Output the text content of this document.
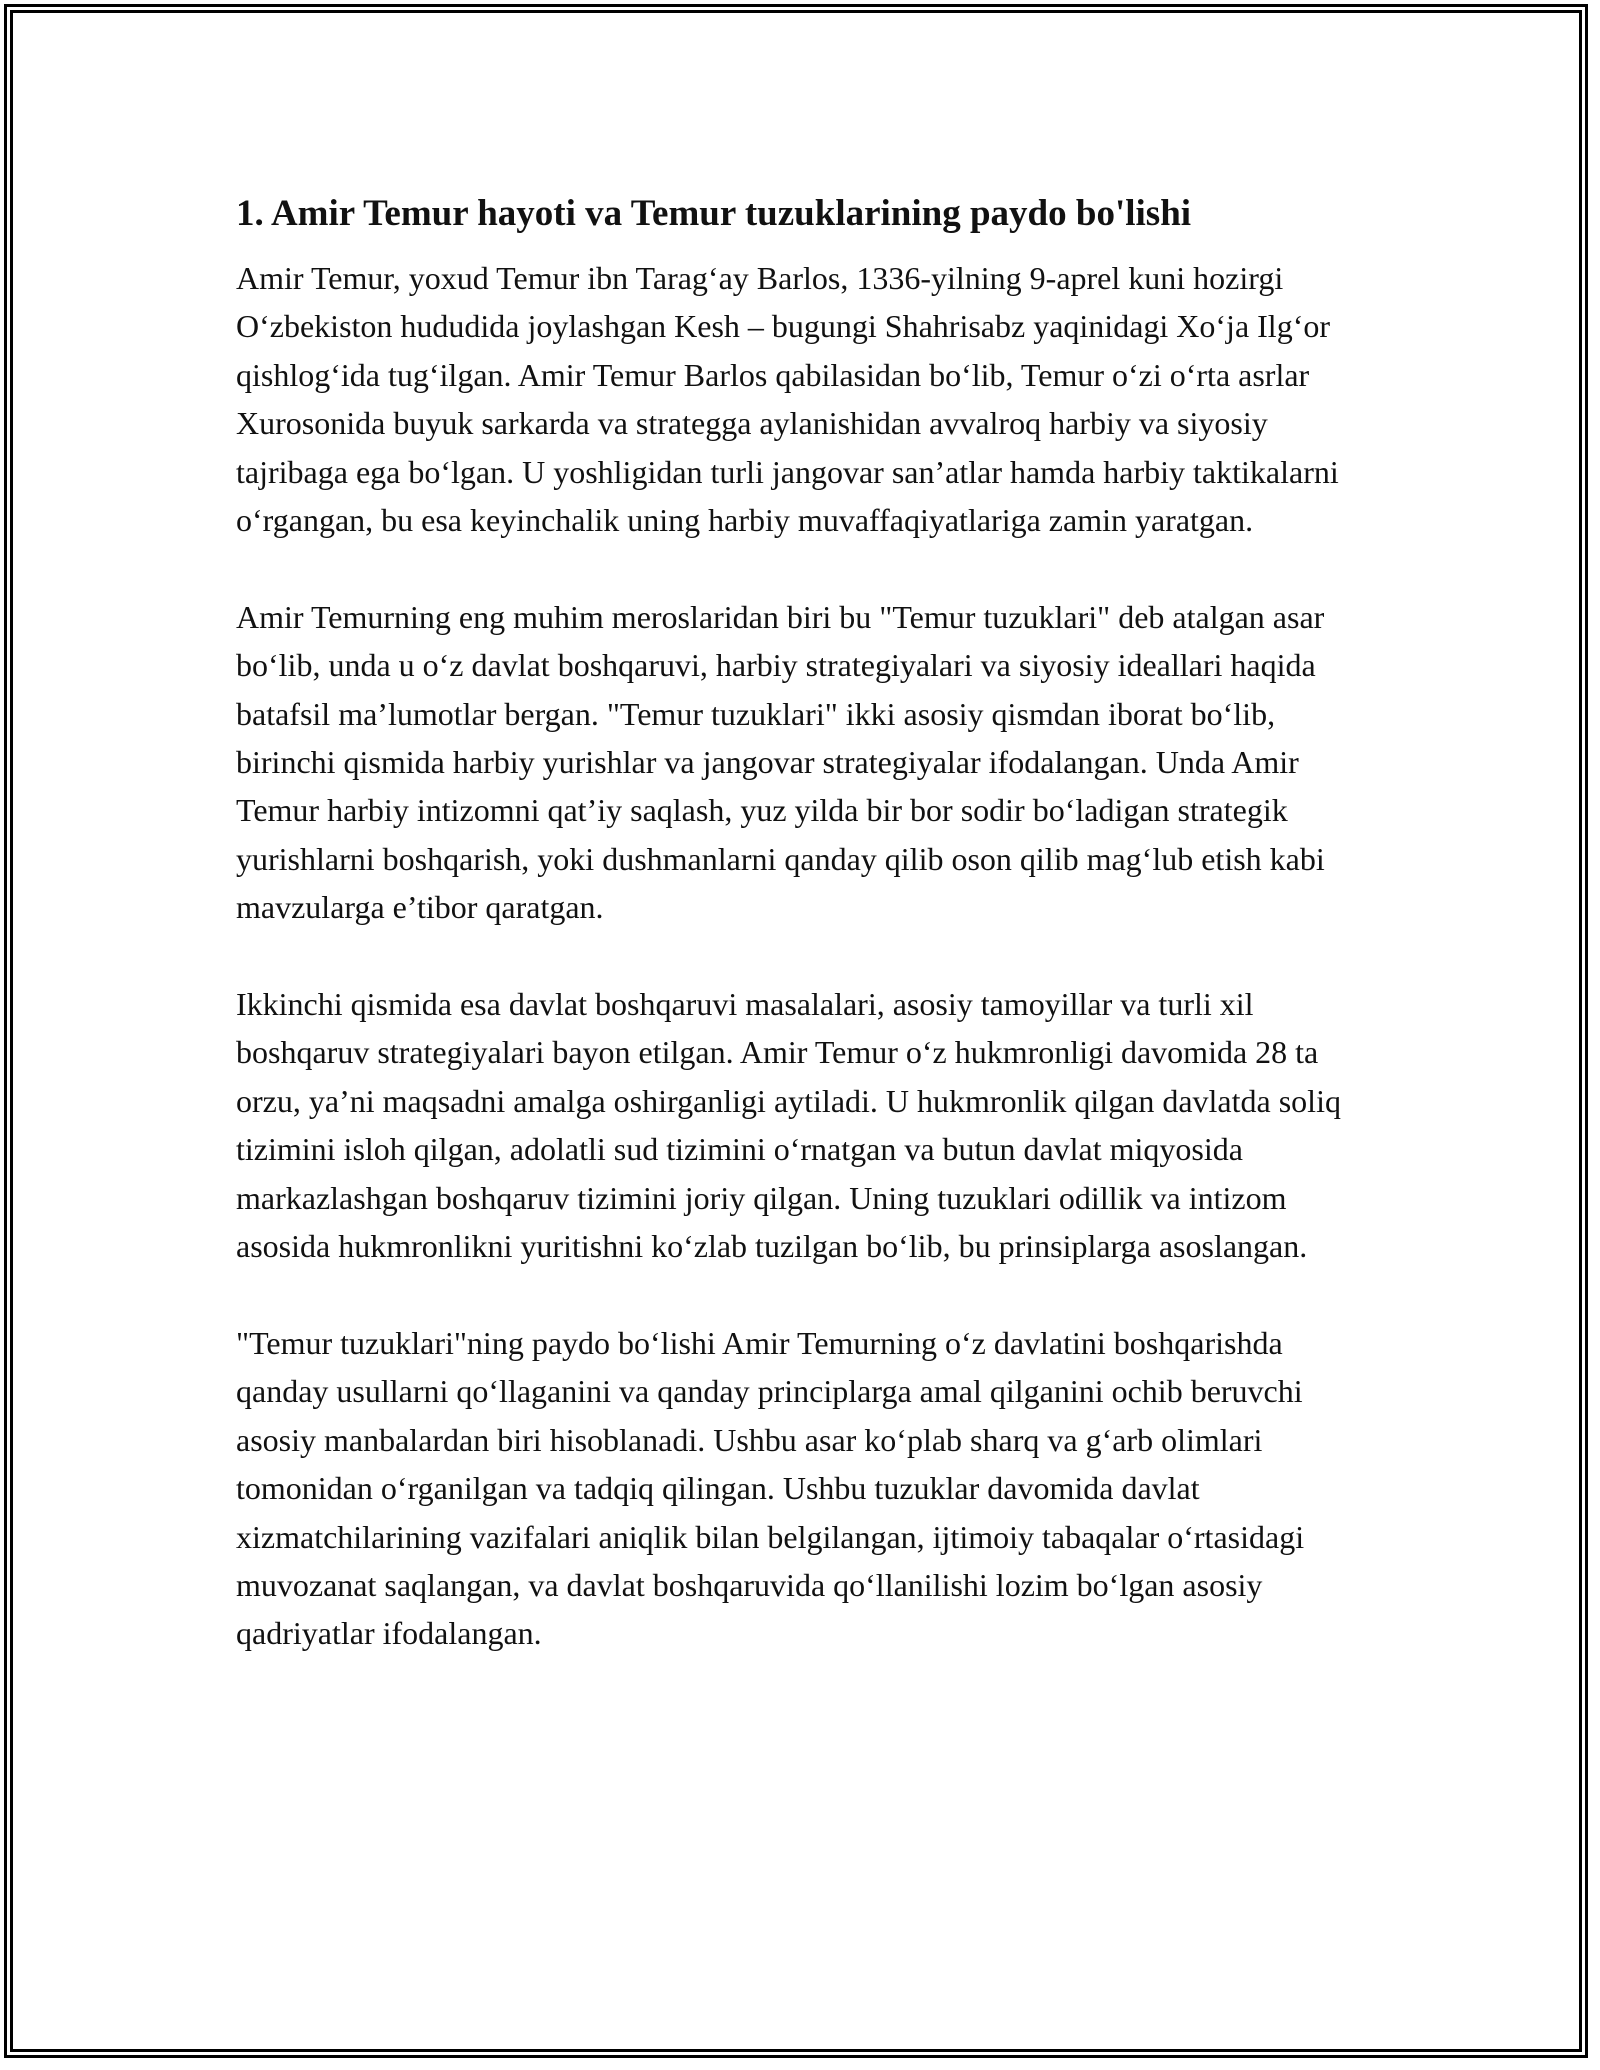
1. Amir Temur hayoti va Temur tuzuklarining paydo bo'lishi

Amir Temur, yoxud Temur ibn Tarag‘ay Barlos, 1336-yilning 9-aprel kuni hozirgi O‘zbekiston hududida joylashgan Kesh – bugungi Shahrisabz yaqinidagi Xo‘ja Ilg‘or qishlog‘ida tug‘ilgan. Amir Temur Barlos qabilasidan bo‘lib, Temur o‘zi o‘rta asrlar Xurosonida buyuk sarkarda va strategga aylanishidan avvalroq harbiy va siyosiy tajribaga ega bo‘lgan. U yoshligidan turli jangovar san’atlar hamda harbiy taktikalarni o‘rgangan, bu esa keyinchalik uning harbiy muvaffaqiyatlariga zamin yaratgan.

Amir Temurning eng muhim meroslaridan biri bu "Temur tuzuklari" deb atalgan asar bo‘lib, unda u o‘z davlat boshqaruvi, harbiy strategiyalari va siyosiy ideallari haqida batafsil ma’lumotlar bergan. "Temur tuzuklari" ikki asosiy qismdan iborat bo‘lib, birinchi qismida harbiy yurishlar va jangovar strategiyalar ifodalangan. Unda Amir Temur harbiy intizomni qat’iy saqlash, yuz yilda bir bor sodir bo‘ladigan strategik yurishlarni boshqarish, yoki dushmanlarni qanday qilib oson qilib mag‘lub etish kabi mavzularga e’tibor qaratgan.

Ikkinchi qismida esa davlat boshqaruvi masalalari, asosiy tamoyillar va turli xil boshqaruv strategiyalari bayon etilgan. Amir Temur o‘z hukmronligi davomida 28 ta orzu, ya’ni maqsadni amalga oshirganligi aytiladi. U hukmronlik qilgan davlatda soliq tizimini isloh qilgan, adolatli sud tizimini o‘rnatgan va butun davlat miqyosida markazlashgan boshqaruv tizimini joriy qilgan. Uning tuzuklari odillik va intizom asosida hukmronlikni yuritishni ko‘zlab tuzilgan bo‘lib, bu prinsiplarga asoslangan.

"Temur tuzuklari"ning paydo bo‘lishi Amir Temurning o‘z davlatini boshqarishda qanday usullarni qo‘llaganini va qanday principlarga amal qilganini ochib beruvchi asosiy manbalardan biri hisoblanadi. Ushbu asar ko‘plab sharq va g‘arb olimlari tomonidan o‘rganilgan va tadqiq qilingan. Ushbu tuzuklar davomida davlat xizmatchilarining vazifalari aniqlik bilan belgilangan, ijtimoiy tabaqalar o‘rtasidagi muvozanat saqlangan, va davlat boshqaruvida qo‘llanilishi lozim bo‘lgan asosiy qadriyatlar ifodalangan.
